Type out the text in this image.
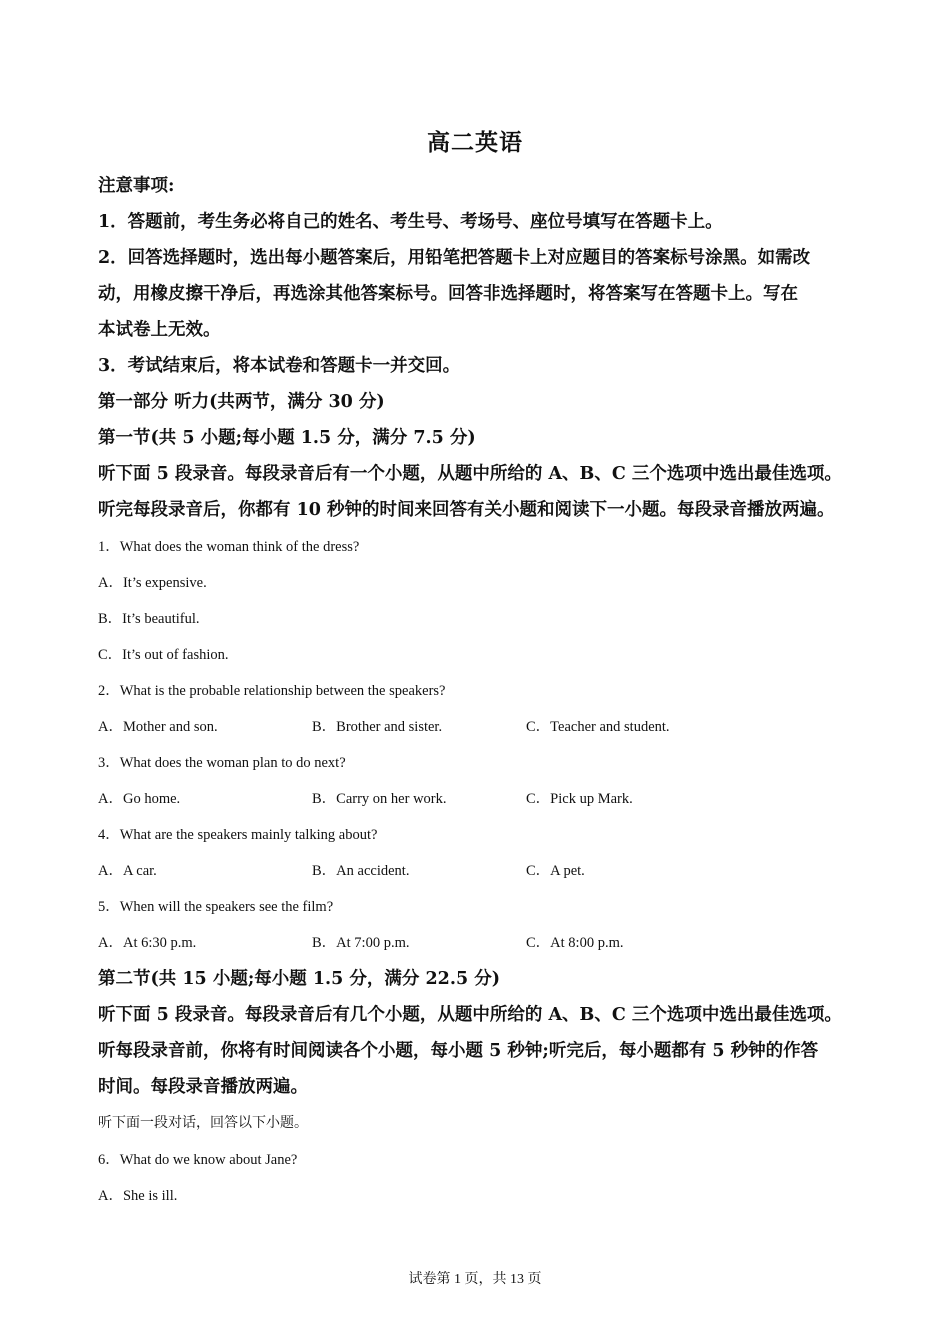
高二英语
注意事项:
1．答题前，考生务必将自己的姓名、考生号、考场号、座位号填写在答题卡上。
2．回答选择题时，选出每小题答案后，用铅笔把答题卡上对应题目的答案标号涂黑。如需改
动，用橡皮擦干净后，再选涂其他答案标号。回答非选择题时，将答案写在答题卡上。写在
本试卷上无效。
3．考试结束后，将本试卷和答题卡一并交回。
第一部分 听力(共两节，满分 30 分)
第一节(共 5 小题;每小题 1.5 分，满分 7.5 分)
听下面 5 段录音。每段录音后有一个小题，从题中所给的 A、B、C 三个选项中选出最佳选项。
听完每段录音后，你都有 10 秒钟的时间来回答有关小题和阅读下一小题。每段录音播放两遍。
1．What does the woman think of the dress?
A．It’s expensive.
B．It’s beautiful.
C．It’s out of fashion.
2．What is the probable relationship between the speakers?
A．Mother and son.	B．Brother and sister.	C．Teacher and student.
3．What does the woman plan to do next?
A．Go home.	B．Carry on her work.	C．Pick up Mark.
4．What are the speakers mainly talking about?
A．A car.	B．An accident.	C．A pet.
5．When will the speakers see the film?
A．At 6:30 p.m.	B．At 7:00 p.m.	C．At 8:00 p.m.
第二节(共 15 小题;每小题 1.5 分，满分 22.5 分)
听下面 5 段录音。每段录音后有几个小题，从题中所给的 A、B、C 三个选项中选出最佳选项。
听每段录音前，你将有时间阅读各个小题，每小题 5 秒钟;听完后，每小题都有 5 秒钟的作答
时间。每段录音播放两遍。
听下面一段对话，回答以下小题。
6．What do we know about Jane?
A．She is ill.
试卷第 1 页，共 13 页
